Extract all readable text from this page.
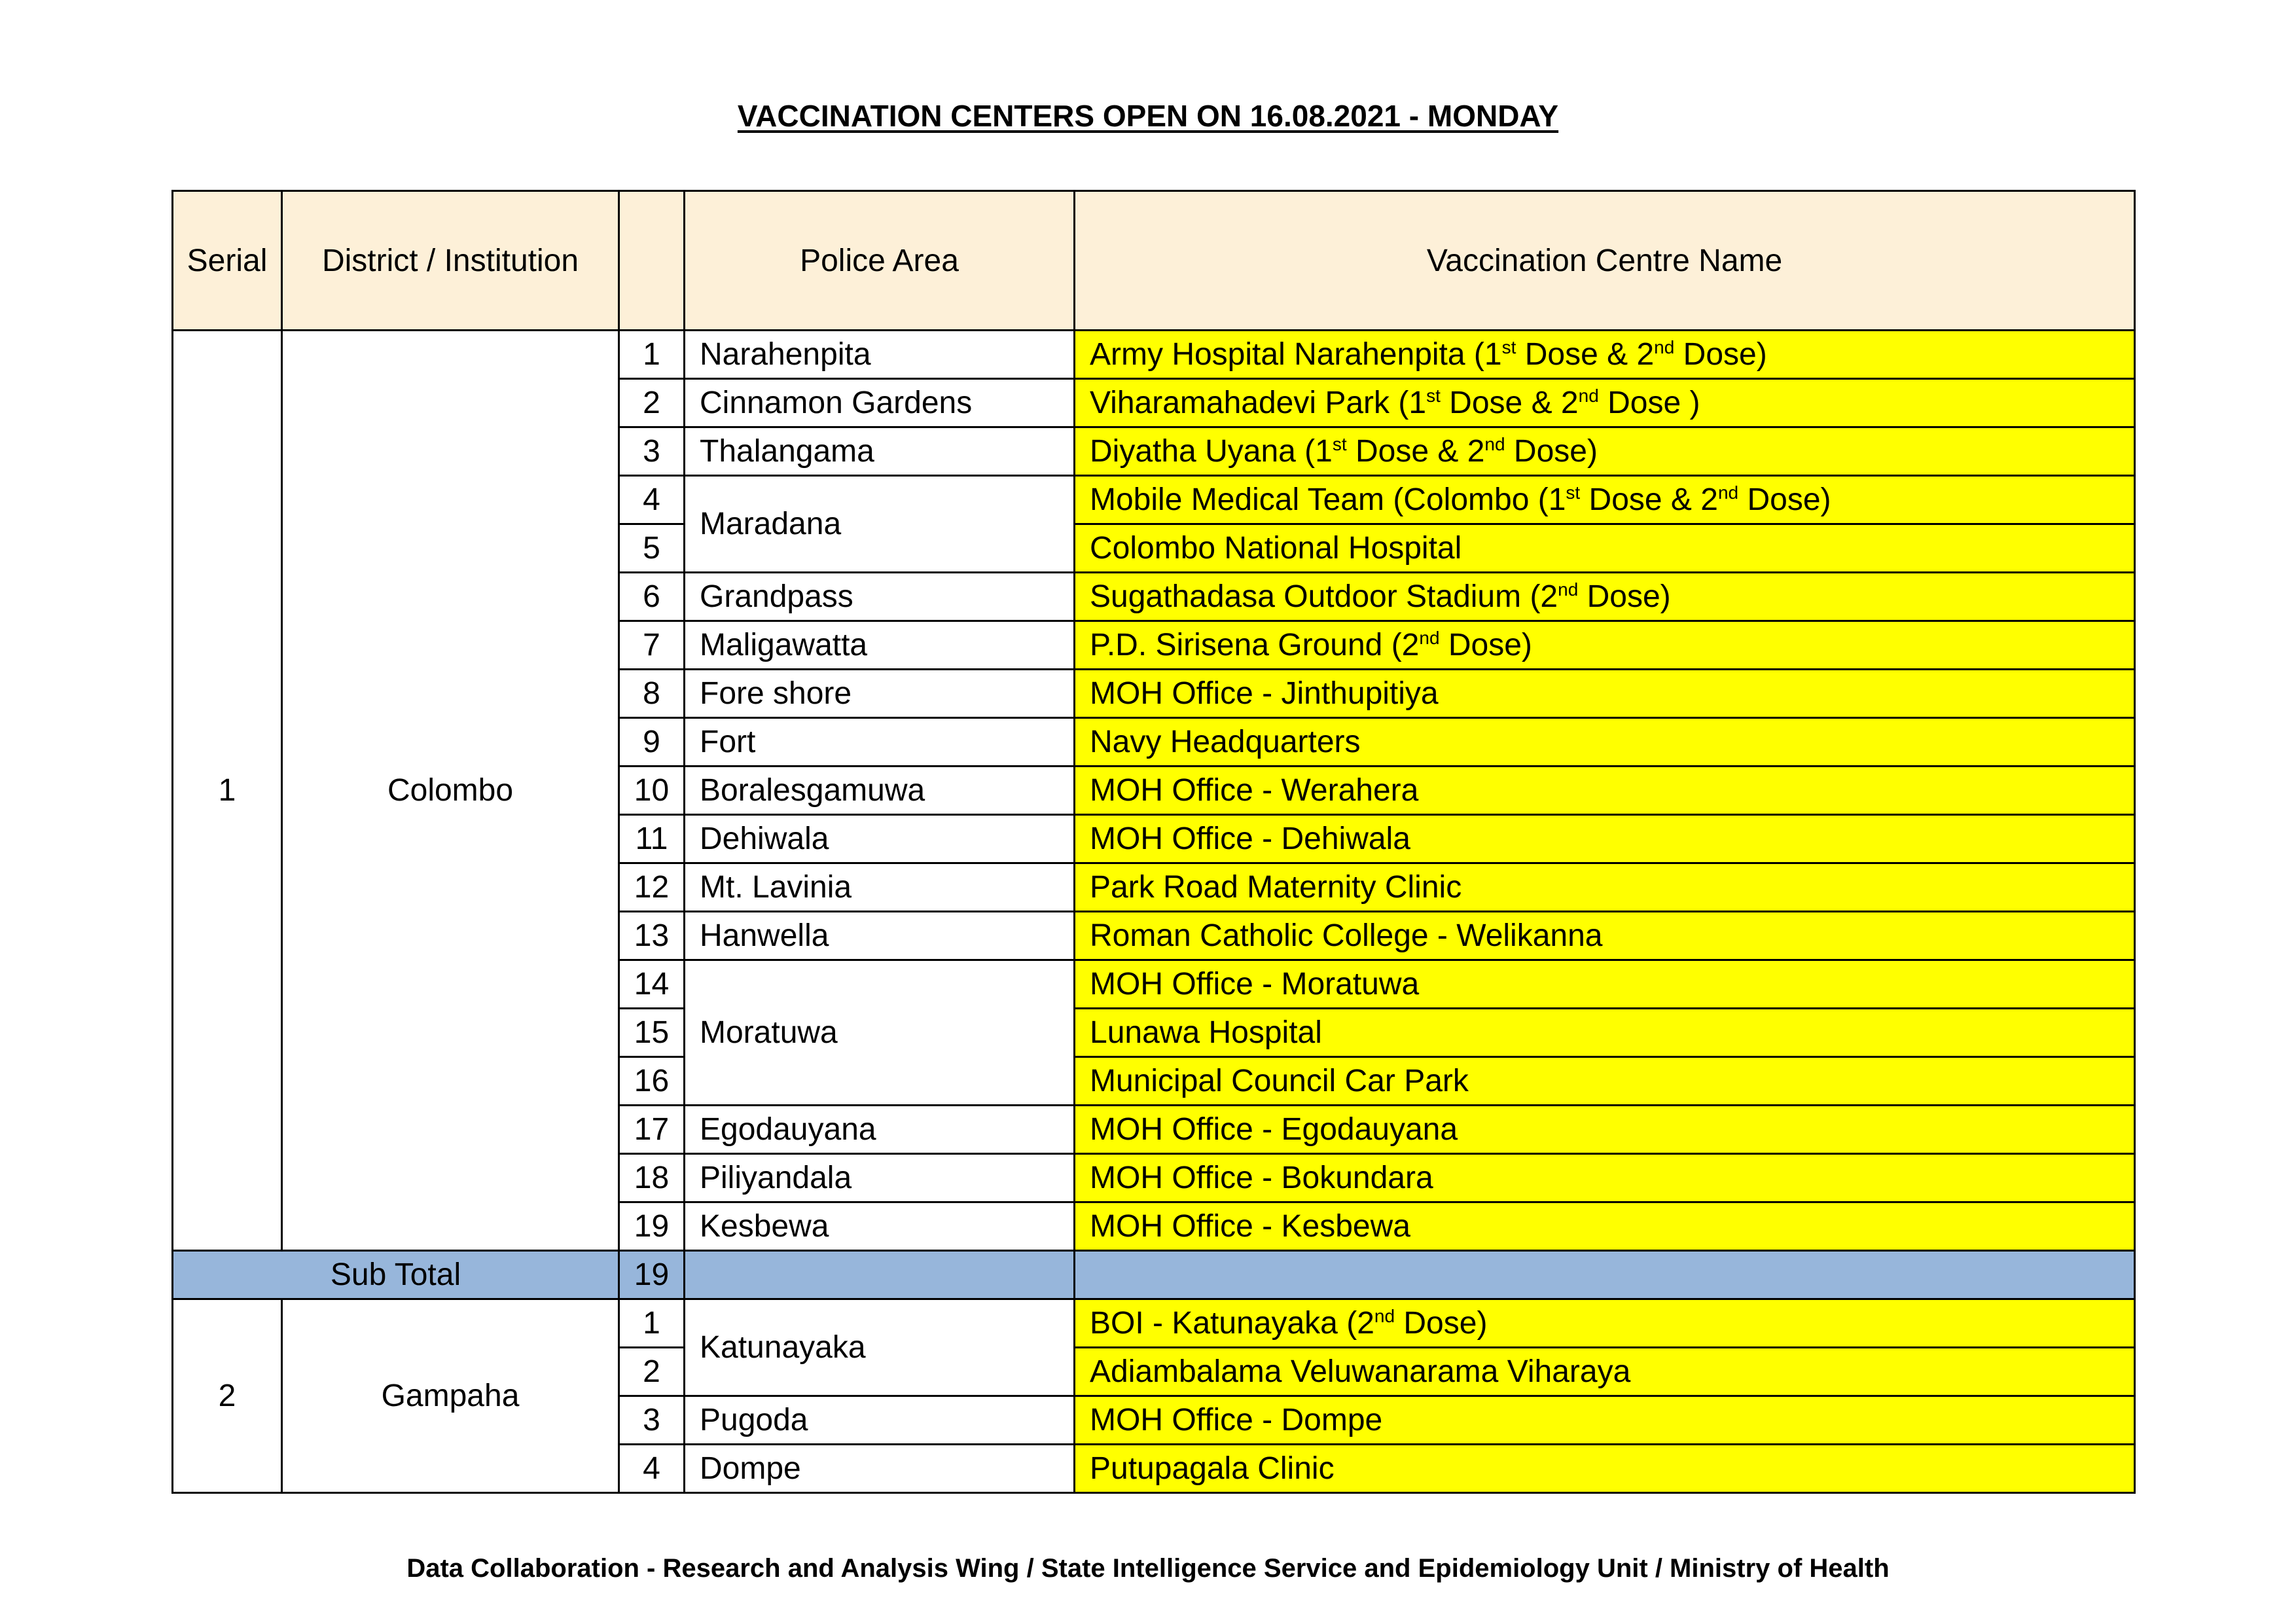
VACCINATION CENTERS OPEN ON 16.08.2021 - MONDAY
Serial	District / Institution		Police Area	Vaccination Centre Name
1	Colombo	1	Narahenpita	Army Hospital Narahenpita (1st Dose & 2nd Dose)
		2	Cinnamon Gardens	Viharamahadevi Park (1st Dose & 2nd Dose )
		3	Thalangama	Diyatha Uyana (1st Dose & 2nd Dose)
		4	Maradana	Mobile Medical Team (Colombo (1st Dose & 2nd Dose)
		5		Colombo National Hospital
		6	Grandpass	Sugathadasa Outdoor Stadium (2nd Dose)
		7	Maligawatta	P.D. Sirisena Ground (2nd Dose)
		8	Fore shore	MOH Office - Jinthupitiya
		9	Fort	Navy Headquarters
		10	Boralesgamuwa	MOH Office - Werahera
		11	Dehiwala	MOH Office - Dehiwala
		12	Mt. Lavinia	Park Road Maternity Clinic
		13	Hanwella	Roman Catholic College - Welikanna
		14	Moratuwa	MOH Office - Moratuwa
		15		Lunawa Hospital
		16		Municipal Council Car Park
		17	Egodauyana	MOH Office - Egodauyana
		18	Piliyandala	MOH Office - Bokundara
		19	Kesbewa	MOH Office - Kesbewa
Sub Total		19		
2	Gampaha	1	Katunayaka	BOI - Katunayaka (2nd Dose)
		2		Adiambalama Veluwanarama Viharaya
		3	Pugoda	MOH Office - Dompe
		4	Dompe	Putupagala Clinic
Data Collaboration - Research and Analysis Wing / State Intelligence Service and Epidemiology Unit / Ministry of Health
